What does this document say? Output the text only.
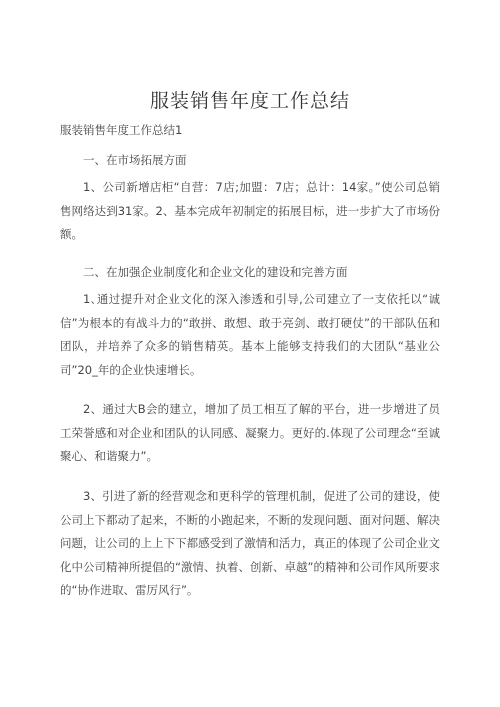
服装销售年度工作总结

服装销售年度工作总结1

一、在市场拓展方面

1、公司新增店柜“自营：7店;加盟：7店；总计：14家。”使公司总销售网络达到31家。2、基本完成年初制定的拓展目标，进一步扩大了市场份额。

二、在加强企业制度化和企业文化的建设和完善方面

1､通过提升对企业文化的深入渗透和引导,公司建立了一支依托以“诚信”为根本的有战斗力的“敢拼、敢想、敢于亮剑、敢打硬仗”的干部队伍和团队，并培养了众多的销售精英。基本上能够支持我们的大团队“基业公司”20_年的企业快速增长。

2、通过大B会的建立，增加了员工相互了解的平台，进一步增进了员工荣誉感和对企业和团队的认同感、凝聚力。更好的.体现了公司理念“至诚聚心、和谐聚力”。

3、引进了新的经营观念和更科学的管理机制，促进了公司的建设，使公司上下都动了起来，不断的小跑起来，不断的发现问题、面对问题、解决问题，让公司的上上下下都感受到了激情和活力，真正的体现了公司企业文化中公司精神所提倡的“激情、执着、创新、卓越”的精神和公司作风所要求的“协作进取、雷厉风行”。
